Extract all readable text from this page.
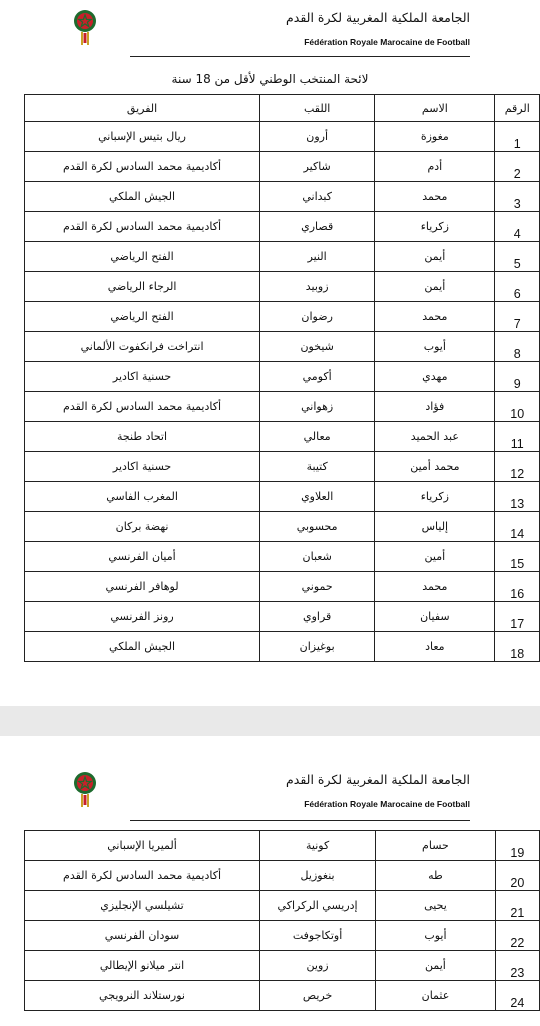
الجامعة الملكية المغربية لكرة القدم
Fédération Royale Marocaine de Football
لائحة المنتخب الوطني لأقل من 18 سنة
الرقم	الاسم	اللقب	الفريق
1	مغوزة	أرون	ريال بتيس الإسباني
2	أدم	شاكير	أكاديمية محمد السادس لكرة القدم
3	محمد	كبداني	الجيش الملكي
4	زكرياء	قصاري	أكاديمية محمد السادس لكرة القدم
5	أيمن	النير	الفتح الرياضي
6	أيمن	زوبيد	الرجاء الرياضي
7	محمد	رضوان	الفتح الرياضي
8	أيوب	شيخون	انتراخت فرانكفوت الألماني
9	مهدي	أكومي	حسنية اكادير
10	فؤاد	زهواني	أكاديمية محمد السادس لكرة القدم
11	عبد الحميد	معالي	اتحاد طنجة
12	محمد أمين	كتيبة	حسنية اكادير
13	زكرياء	العلاوي	المغرب الفاسي
14	إلياس	محسوبي	نهضة بركان
15	أمين	شعبان	أميان الفرنسي
16	محمد	حموني	لوهافر الفرنسي
17	سفيان	قراوي	رونز الفرنسي
18	معاد	بوغيزان	الجيش الملكي
الجامعة الملكية المغربية لكرة القدم
Fédération Royale Marocaine de Football
19	حسام	كونية	ألميريا الإسباني
20	طه	بنغوزيل	أكاديمية محمد السادس لكرة القدم
21	يحيى	إدريسي الركراكي	تشيلسي الإنجليزي
22	أيوب	أوتكاجوفت	سودان الفرنسي
23	أيمن	زوين	انتر ميلانو الإيطالي
24	عثمان	خريص	نورستلاند النرويجي
